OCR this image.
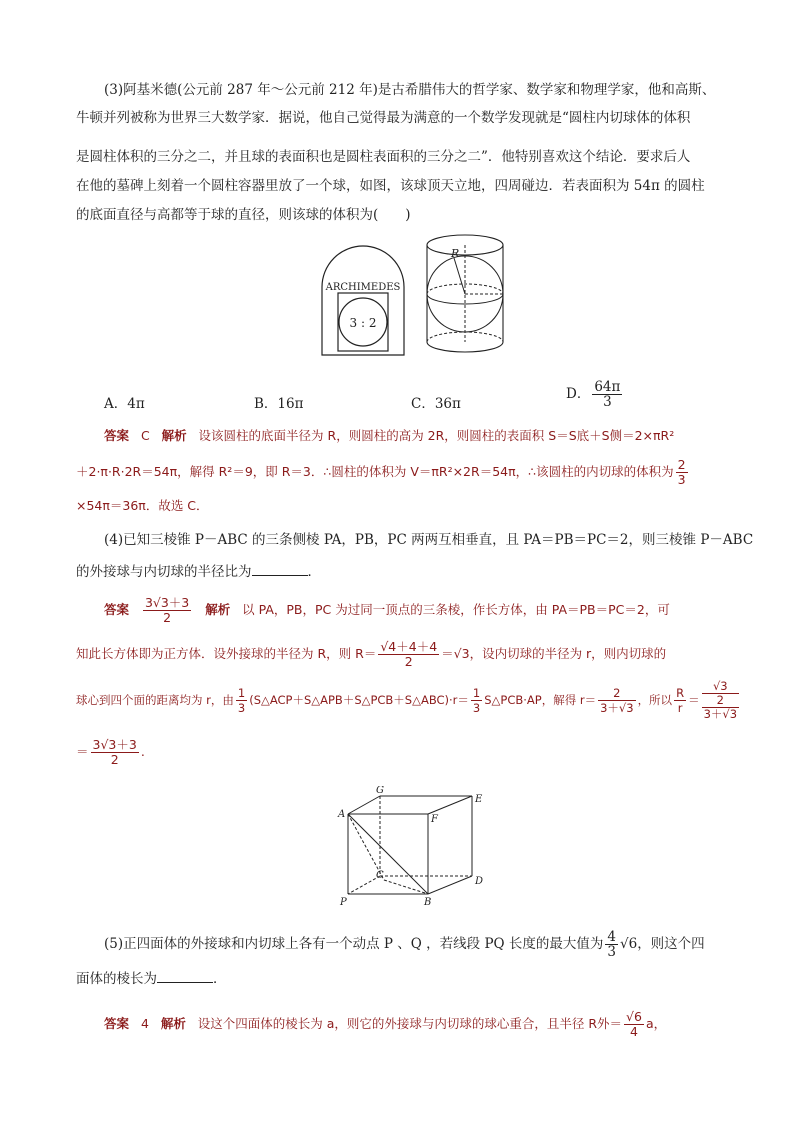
(3)阿基米德(公元前 287 年～公元前 212 年)是古希腊伟大的哲学家、数学家和物理学家，他和高斯、
牛顿并列被称为世界三大数学家．据说，他自己觉得最为满意的一个数学发现就是“圆柱内切球体的体积
是圆柱体积的三分之二，并且球的表面积也是圆柱表面积的三分之二”．他特别喜欢这个结论．要求后人
在他的墓碑上刻着一个圆柱容器里放了一个球，如图，该球顶天立地，四周碰边．若表面积为 54π 的圆柱
的底面直径与高都等于球的直径，则该球的体积为(　　)
ARCHIMEDES
3 : 2
R
A．4π	B．16π	C．36π
D． $\frac{64\pi}{3}$
答案 C 解析 设该圆柱的底面半径为 R，则圆柱的高为 2R，则圆柱的表面积 S＝S底＋S侧＝2×πR²
＋2·π·R·2R＝54π，解得 R²＝9，即 R＝3．∴圆柱的体积为 V＝πR²×2R＝54π，∴该圆柱的内切球的体积为 $\frac{2}{3}$
×54π＝36π．故选 C．
(4)已知三棱锥 P－ABC 的三条侧棱 PA，PB，PC 两两互相垂直，且 PA＝PB＝PC＝2，则三棱锥 P－ABC
的外接球与内切球的半径比为	．
答案 $\frac{3√3+3}{2}$ 解析 以 PA，PB，PC 为过同一顶点的三条棱，作长方体，由 PA＝PB＝PC＝2，可
知此长方体即为正方体．设外接球的半径为 R，则 $R= \frac{√4+4+4}{2} =√3$，设内切球的半径为 r，则内切球的
球心到四个面的距离均为 r，由 $\frac{1}{3}$ (S△ACP＋S△APB＋S△PCB＋S△ABC)·r＝ $\frac{1}{3}$ S△PCB·AP，解得 $r= \frac{2}{3+√3}$ ，所以 $\frac{R}{r}$ ＝
√3
2
3＋√3
＝ $\frac{3√3+3}{2}$ .
G
E
A	F
C
D
P	B
(5)正四面体的外接球和内切球上各有一个动点 P 、Q ，若线段 PQ 长度的最大值为 $\frac{4}{3} √6$，则这个四
面体的棱长为	．
答案 4 解析 设这个四面体的棱长为 a，则它的外接球与内切球的球心重合，且半径 R外＝ $\frac{√6}{4}$ a，
